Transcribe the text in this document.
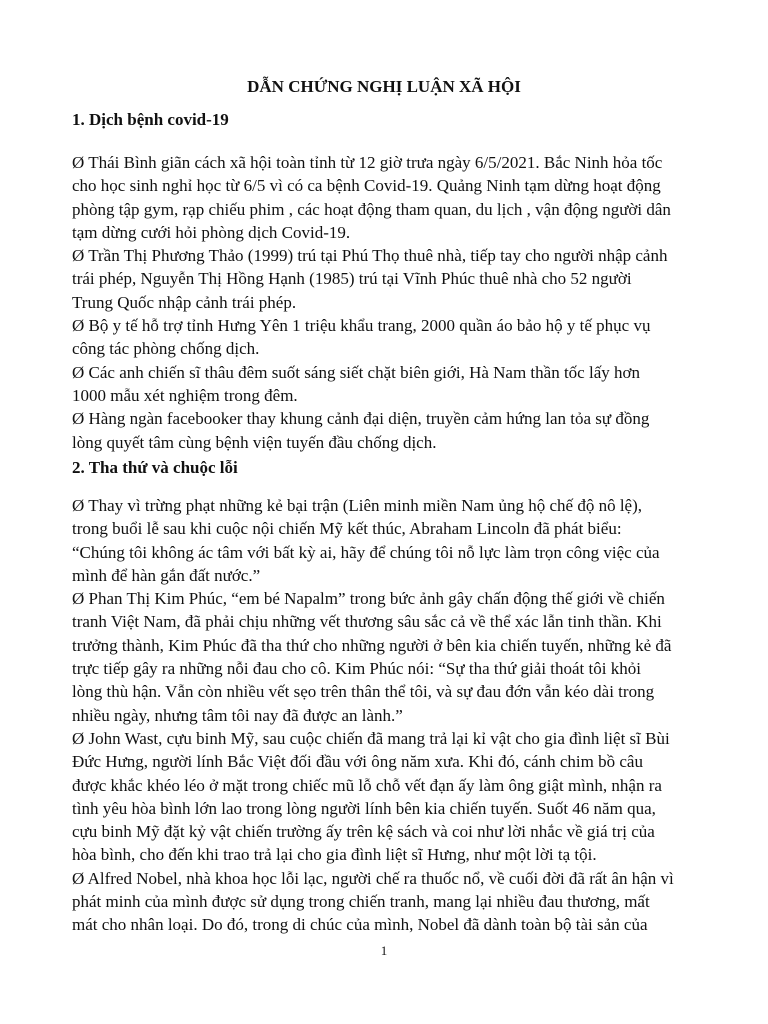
DẪN CHỨNG NGHỊ LUẬN XÃ HỘI
1. Dịch bệnh covid-19

Ø Thái Bình giãn cách xã hội toàn tỉnh từ 12 giờ trưa ngày 6/5/2021. Bắc Ninh hỏa tốc
cho học sinh nghỉ học từ 6/5 vì có ca bệnh Covid-19. Quảng Ninh tạm dừng hoạt động
phòng tập gym, rạp chiếu phim , các hoạt động tham quan, du lịch , vận động người dân
tạm dừng cưới hỏi phòng dịch Covid-19.

Ø Trần Thị Phương Thảo (1999) trú tại Phú Thọ thuê nhà, tiếp tay cho người nhập cảnh
trái phép, Nguyễn Thị Hồng Hạnh (1985) trú tại Vĩnh Phúc thuê nhà cho 52 người
Trung Quốc nhập cảnh trái phép.

Ø Bộ y tế hỗ trợ tỉnh Hưng Yên 1 triệu khẩu trang, 2000 quần áo bảo hộ y tế phục vụ
công tác phòng chống dịch.

Ø Các anh chiến sĩ thâu đêm suốt sáng siết chặt biên giới, Hà Nam thần tốc lấy hơn
1000 mẫu xét nghiệm trong đêm.

Ø Hàng ngàn facebooker thay khung cảnh đại diện, truyền cảm hứng lan tỏa sự đồng
lòng quyết tâm cùng bệnh viện tuyến đầu chống dịch.

2. Tha thứ và chuộc lỗi

Ø Thay vì trừng phạt những kẻ bại trận (Liên minh miền Nam ủng hộ chế độ nô lệ),
trong buổi lễ sau khi cuộc nội chiến Mỹ kết thúc, Abraham Lincoln đã phát biểu:
“Chúng tôi không ác tâm với bất kỳ ai, hãy để chúng tôi nỗ lực làm trọn công việc của
mình để hàn gắn đất nước.”

Ø Phan Thị Kim Phúc, “em bé Napalm” trong bức ảnh gây chấn động thế giới về chiến
tranh Việt Nam, đã phải chịu những vết thương sâu sắc cả về thể xác lẫn tinh thần. Khi
trưởng thành, Kim Phúc đã tha thứ cho những người ở bên kia chiến tuyến, những kẻ đã
trực tiếp gây ra những nỗi đau cho cô. Kim Phúc nói: “Sự tha thứ giải thoát tôi khỏi
lòng thù hận. Vẫn còn nhiều vết sẹo trên thân thể tôi, và sự đau đớn vẫn kéo dài trong
nhiều ngày, nhưng tâm tôi nay đã được an lành.”

Ø John Wast, cựu binh Mỹ, sau cuộc chiến đã mang trả lại kỉ vật cho gia đình liệt sĩ Bùi
Đức Hưng, người lính Bắc Việt đối đầu với ông năm xưa. Khi đó, cánh chim bồ câu
được khắc khéo léo ở mặt trong chiếc mũ lỗ chỗ vết đạn ấy làm ông giật mình, nhận ra
tình yêu hòa bình lớn lao trong lòng người lính bên kia chiến tuyến. Suốt 46 năm qua,
cựu binh Mỹ đặt kỷ vật chiến trường ấy trên kệ sách và coi như lời nhắc về giá trị của
hòa bình, cho đến khi trao trả lại cho gia đình liệt sĩ Hưng, như một lời tạ tội.

Ø Alfred Nobel, nhà khoa học lỗi lạc, người chế ra thuốc nổ, về cuối đời đã rất ân hận vì
phát minh của mình được sử dụng trong chiến tranh, mang lại nhiều đau thương, mất
mát cho nhân loại. Do đó, trong di chúc của mình, Nobel đã dành toàn bộ tài sản của

1
